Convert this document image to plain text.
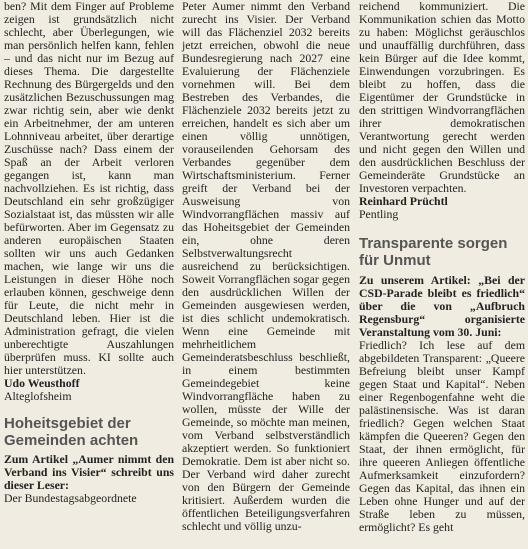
ben? Mit dem Finger auf Probleme zeigen ist grundsätzlich nicht schlecht, aber Überlegungen, wie man persönlich helfen kann, fehlen – und das nicht nur im Bezug auf dieses Thema. Die dargestellte Rechnung des Bürgergelds und den zusätzlichen Bezuschussungen mag zwar richtig sein, aber wie denkt ein Arbeitnehmer, der am unteren Lohnniveau arbeitet, über derartige Zuschüsse nach? Dass einem der Spaß an der Arbeit verloren gegangen ist, kann man nachvollziehen. Es ist richtig, dass Deutschland ein sehr großzügiger Sozialstaat ist, das müssten wir alle befürworten. Aber im Gegensatz zu anderen europäischen Staaten sollten wir uns auch Gedanken machen, wie lange wir uns die Leistungen in dieser Höhe noch erlauben können, geschweige denn für Leute, die nicht mehr in Deutschland leben. Hier ist die Administration gefragt, die vielen unberechtigte Auszahlungen überprüfen muss. KI sollte auch hier unterstützen.

Udo Weusthoff

Alteglofsheim

Hoheitsgebiet der Gemeinden achten

Zum Artikel „Aumer nimmt den Verband ins Visier“ schreibt uns dieser Leser:

Der Bundestagsabgeordnete

Peter Aumer nimmt den Verband zurecht ins Visier. Der Verband will das Flächenziel 2032 bereits jetzt erreichen, obwohl die neue Bundesregierung nach 2027 eine Evaluierung der Flächenziele vornehmen will. Bei dem Bestreben des Verbandes, die Flächenziele 2032 bereits jetzt zu erreichen, handelt es sich aber um einen völlig unnötigen, vorauseilenden Gehorsam des Verbandes gegenüber dem Wirtschaftsministerium. Ferner greift der Verband bei der Ausweisung von Windvorrangflächen massiv auf das Hoheitsgebiet der Gemeinden ein, ohne deren Selbstverwaltungsrecht ausreichend zu berücksichtigen. Soweit Vorrangflächen sogar gegen den ausdrücklichen Willen der Gemeinden ausgewiesen werden, ist dies schlicht undemokratisch. Wenn eine Gemeinde mit mehrheitlichem Gemeinderatsbeschluss beschließt, in einem bestimmten Gemeindegebiet keine Windvorrangfläche haben zu wollen, müsste der Wille der Gemeinde, so möchte man meinen, vom Verband selbstverständlich akzeptiert werden. So funktioniert Demokratie. Dem ist aber nicht so. Der Verband wird daher zurecht von den Bürgern der Gemeinde kritisiert. Außerdem wurden die öffentlichen Beteiligungsverfahren schlecht und völlig unzu-

reichend kommuniziert. Die Kommunikation schien das Motto zu haben: Möglichst geräuschlos und unauffällig durchführen, dass kein Bürger auf die Idee kommt, Einwendungen vorzubringen. Es bleibt zu hoffen, dass die Eigentümer der Grundstücke in den strittigen Windvorrangflächen ihrer demokratischen Verantwortung gerecht werden und nicht gegen den Willen und den ausdrücklichen Beschluss der Gemeinderäte Grundstücke an Investoren verpachten.

Reinhard Prüchtl

Pentling

Transparente sorgen für Unmut

Zu unserem Artikel: „Bei der CSD-Parade bleibt es friedlich“ über die von „Aufbruch Regensburg“ organisierte Veranstaltung vom 30. Juni:

Friedlich? Ich lese auf dem abgebildeten Transparent: „Queere Befreiung bleibt unser Kampf gegen Staat und Kapital“. Neben einer Regenbogenfahne weht die palästinensische. Was ist daran friedlich? Gegen welchen Staat kämpfen die Queeren? Gegen den Staat, der ihnen ermöglicht, für ihre queeren Anliegen öffentliche Aufmerksamkeit einzufordern? Gegen das Kapital, das ihnen ein Leben ohne Hunger und auf der Straße leben zu müssen, ermöglicht? Es geht
